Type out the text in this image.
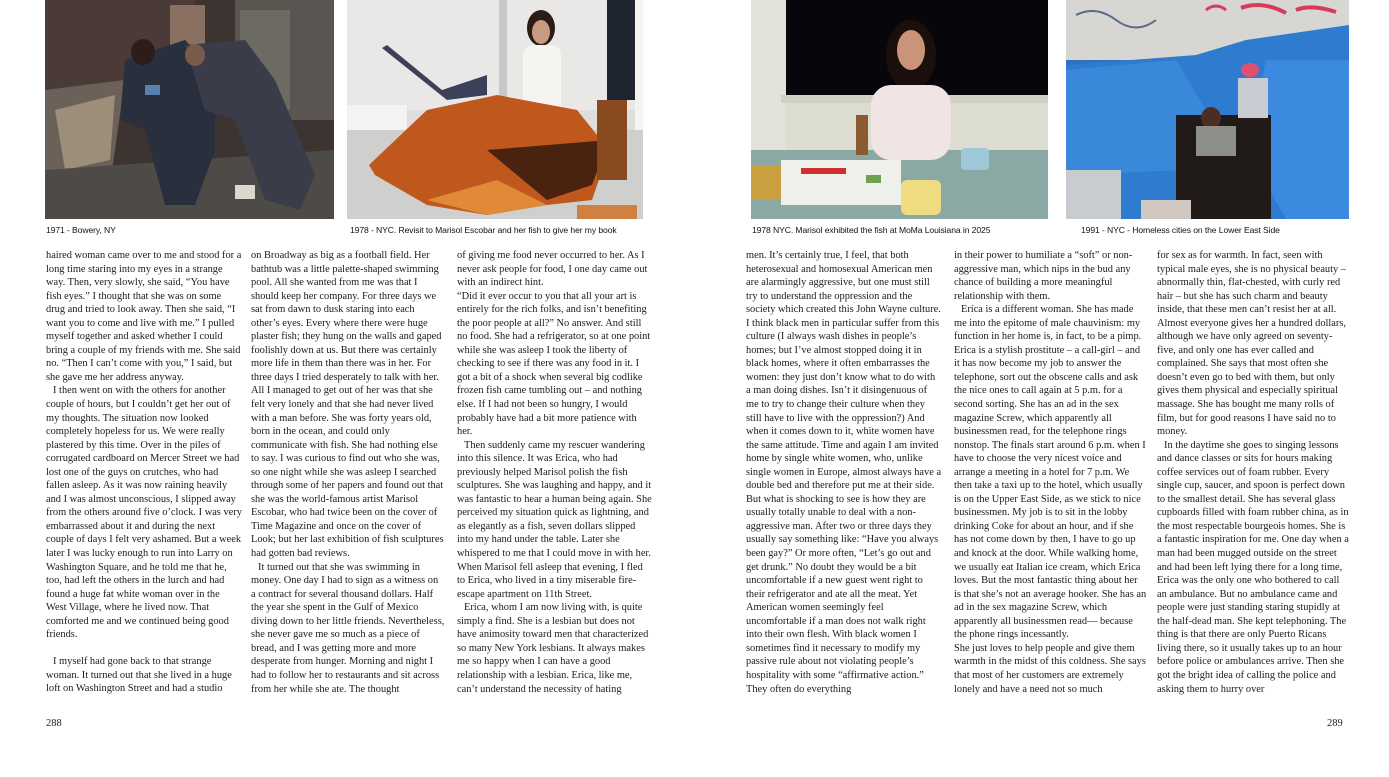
1971 - Bowery, NY	1978 - NYC. Revisit to Marisol Escobar and her fish to give her my book	1978 NYC. Marisol exhibited the fish at MoMa Louisiana in 2025	1991 - NYC - Homeless cities on the Lower East Side

haired woman came over to me and stood for a long time staring into my eyes in a strange way. Then, very slowly, she said, “You have fish eyes.” I thought that she was on some drug and tried to look away. Then she said, “I want you to come and live with me.” I pulled myself together and asked whether I could bring a couple of my friends with me. She said no. “Then I can’t come with you,” I said, but she gave me her address anyway.

I then went on with the others for another couple of hours, but I couldn’t get her out of my thoughts. The situation now looked completely hopeless for us. We were really plastered by this time. Over in the piles of corrugated cardboard on Mercer Street we had lost one of the guys on crutches, who had fallen asleep. As it was now raining heavily and I was almost unconscious, I slipped away from the others around five o’clock. I was very embarrassed about it and during the next couple of days I felt very ashamed. But a week later I was lucky enough to run into Larry on Washington Square, and he told me that he, too, had left the others in the lurch and had found a huge fat white woman over in the West Village, where he lived now. That comforted me and we continued being good friends.

I myself had gone back to that strange woman. It turned out that she lived in a huge loft on Washington Street and had a studio

on Broadway as big as a football field. Her bathtub was a little palette-shaped swimming pool. All she wanted from me was that I should keep her company. For three days we sat from dawn to dusk staring into each other’s eyes. Every where there were huge plaster fish; they hung on the walls and gaped foolishly down at us. But there was certainly more life in them than there was in her. For three days I tried desperately to talk with her. All I managed to get out of her was that she felt very lonely and that she had never lived with a man before. She was forty years old, born in the ocean, and could only communicate with fish. She had nothing else to say. I was curious to find out who she was, so one night while she was asleep I searched through some of her papers and found out that she was the world-famous artist Marisol Escobar, who had twice been on the cover of Time Magazine and once on the cover of Look; but her last exhibition of fish sculptures had gotten bad reviews.

It turned out that she was swimming in money. One day I had to sign as a witness on a contract for several thousand dollars. Half the year she spent in the Gulf of Mexico diving down to her little friends. Nevertheless, she never gave me so much as a piece of bread, and I was getting more and more desperate from hunger. Morning and night I had to follow her to restaurants and sit across from her while she ate. The thought

of giving me food never occurred to her. As I never ask people for food, I one day came out with an indirect hint.

“Did it ever occur to you that all your art is entirely for the rich folks, and isn’t benefiting the poor people at all?” No answer. And still no food. She had a refrigerator, so at one point while she was asleep I took the liberty of checking to see if there was any food in it. I got a bit of a shock when several big codlike frozen fish came tumbling out – and nothing else. If I had not been so hungry, I would probably have had a bit more patience with her.

Then suddenly came my rescuer wandering into this silence. It was Erica, who had previously helped Marisol polish the fish sculptures. She was laughing and happy, and it was fantastic to hear a human being again. She perceived my situation quick as lightning, and as elegantly as a fish, seven dollars slipped into my hand under the table. Later she whispered to me that I could move in with her. When Marisol fell asleep that evening, I fled to Erica, who lived in a tiny miserable fire-escape apartment on 11th Street.

Erica, whom I am now living with, is quite simply a find. She is a lesbian but does not have animosity toward men that characterized so many New York lesbians. It always makes me so happy when I can have a good relationship with a lesbian. Erica, like me, can’t understand the necessity of hating

288

men. It’s certainly true, I feel, that both heterosexual and homosexual American men are alarmingly aggressive, but one must still try to understand the oppression and the society which created this John Wayne culture. I think black men in particular suffer from this culture (I always wash dishes in people’s homes; but I’ve almost stopped doing it in black homes, where it often embarrasses the women: they just don’t know what to do with a man doing dishes. Isn’t it disingenuous of me to try to change their culture when they still have to live with the oppression?) And when it comes down to it, white women have the same attitude. Time and again I am invited home by single white women, who, unlike single women in Europe, almost always have a double bed and therefore put me at their side. But what is shocking to see is how they are usually totally unable to deal with a non-aggressive man. After two or three days they usually say something like: “Have you always been gay?” Or more often, “Let’s go out and get drunk.” No doubt they would be a bit uncomfortable if a new guest went right to their refrigerator and ate all the meat. Yet American women seemingly feel uncomfortable if a man does not walk right into their own flesh. With black women I sometimes find it necessary to modify my passive rule about not violating people’s hospitality with some “affirmative action.” They often do everything

in their power to humiliate a “soft” or non-aggressive man, which nips in the bud any chance of building a more meaningful relationship with them.

Erica is a different woman. She has made me into the epitome of male chauvinism: my function in her home is, in fact, to be a pimp. Erica is a stylish prostitute – a call-girl – and it has now become my job to answer the telephone, sort out the obscene calls and ask the nice ones to call again at 5 p.m. for a second sorting. She has an ad in the sex magazine Screw, which apparently all businessmen read, for the telephone rings nonstop. The finals start around 6 p.m. when I have to choose the very nicest voice and arrange a meeting in a hotel for 7 p.m. We then take a taxi up to the hotel, which usually is on the Upper East Side, as we stick to nice businessmen. My job is to sit in the lobby drinking Coke for about an hour, and if she has not come down by then, I have to go up and knock at the door. While walking home, we usually eat Italian ice cream, which Erica loves. But the most fantastic thing about her is that she’s not an average hooker. She has an ad in the sex magazine Screw, which apparently all businessmen read— because the phone rings incessantly.

She just loves to help people and give them warmth in the midst of this coldness. She says that most of her customers are extremely lonely and have a need not so much

for sex as for warmth. In fact, seen with typical male eyes, she is no physical beauty – abnormally thin, flat-chested, with curly red hair – but she has such charm and beauty inside, that these men can’t resist her at all. Almost everyone gives her a hundred dollars, although we have only agreed on seventy-five, and only one has ever called and complained. She says that most often she doesn’t even go to bed with them, but only gives them physical and especially spiritual massage. She has bought me many rolls of film, but for good reasons I have said no to money.

In the daytime she goes to singing lessons and dance classes or sits for hours making coffee services out of foam rubber. Every single cup, saucer, and spoon is perfect down to the smallest detail. She has several glass cupboards filled with foam rubber china, as in the most respectable bourgeois homes. She is a fantastic inspiration for me. One day when a man had been mugged outside on the street and had been left lying there for a long time, Erica was the only one who bothered to call an ambulance. But no ambulance came and people were just standing staring stupidly at the half-dead man. She kept telephoning. The thing is that there are only Puerto Ricans living there, so it usually takes up to an hour before police or ambulances arrive. Then she got the bright idea of calling the police and asking them to hurry over

289
